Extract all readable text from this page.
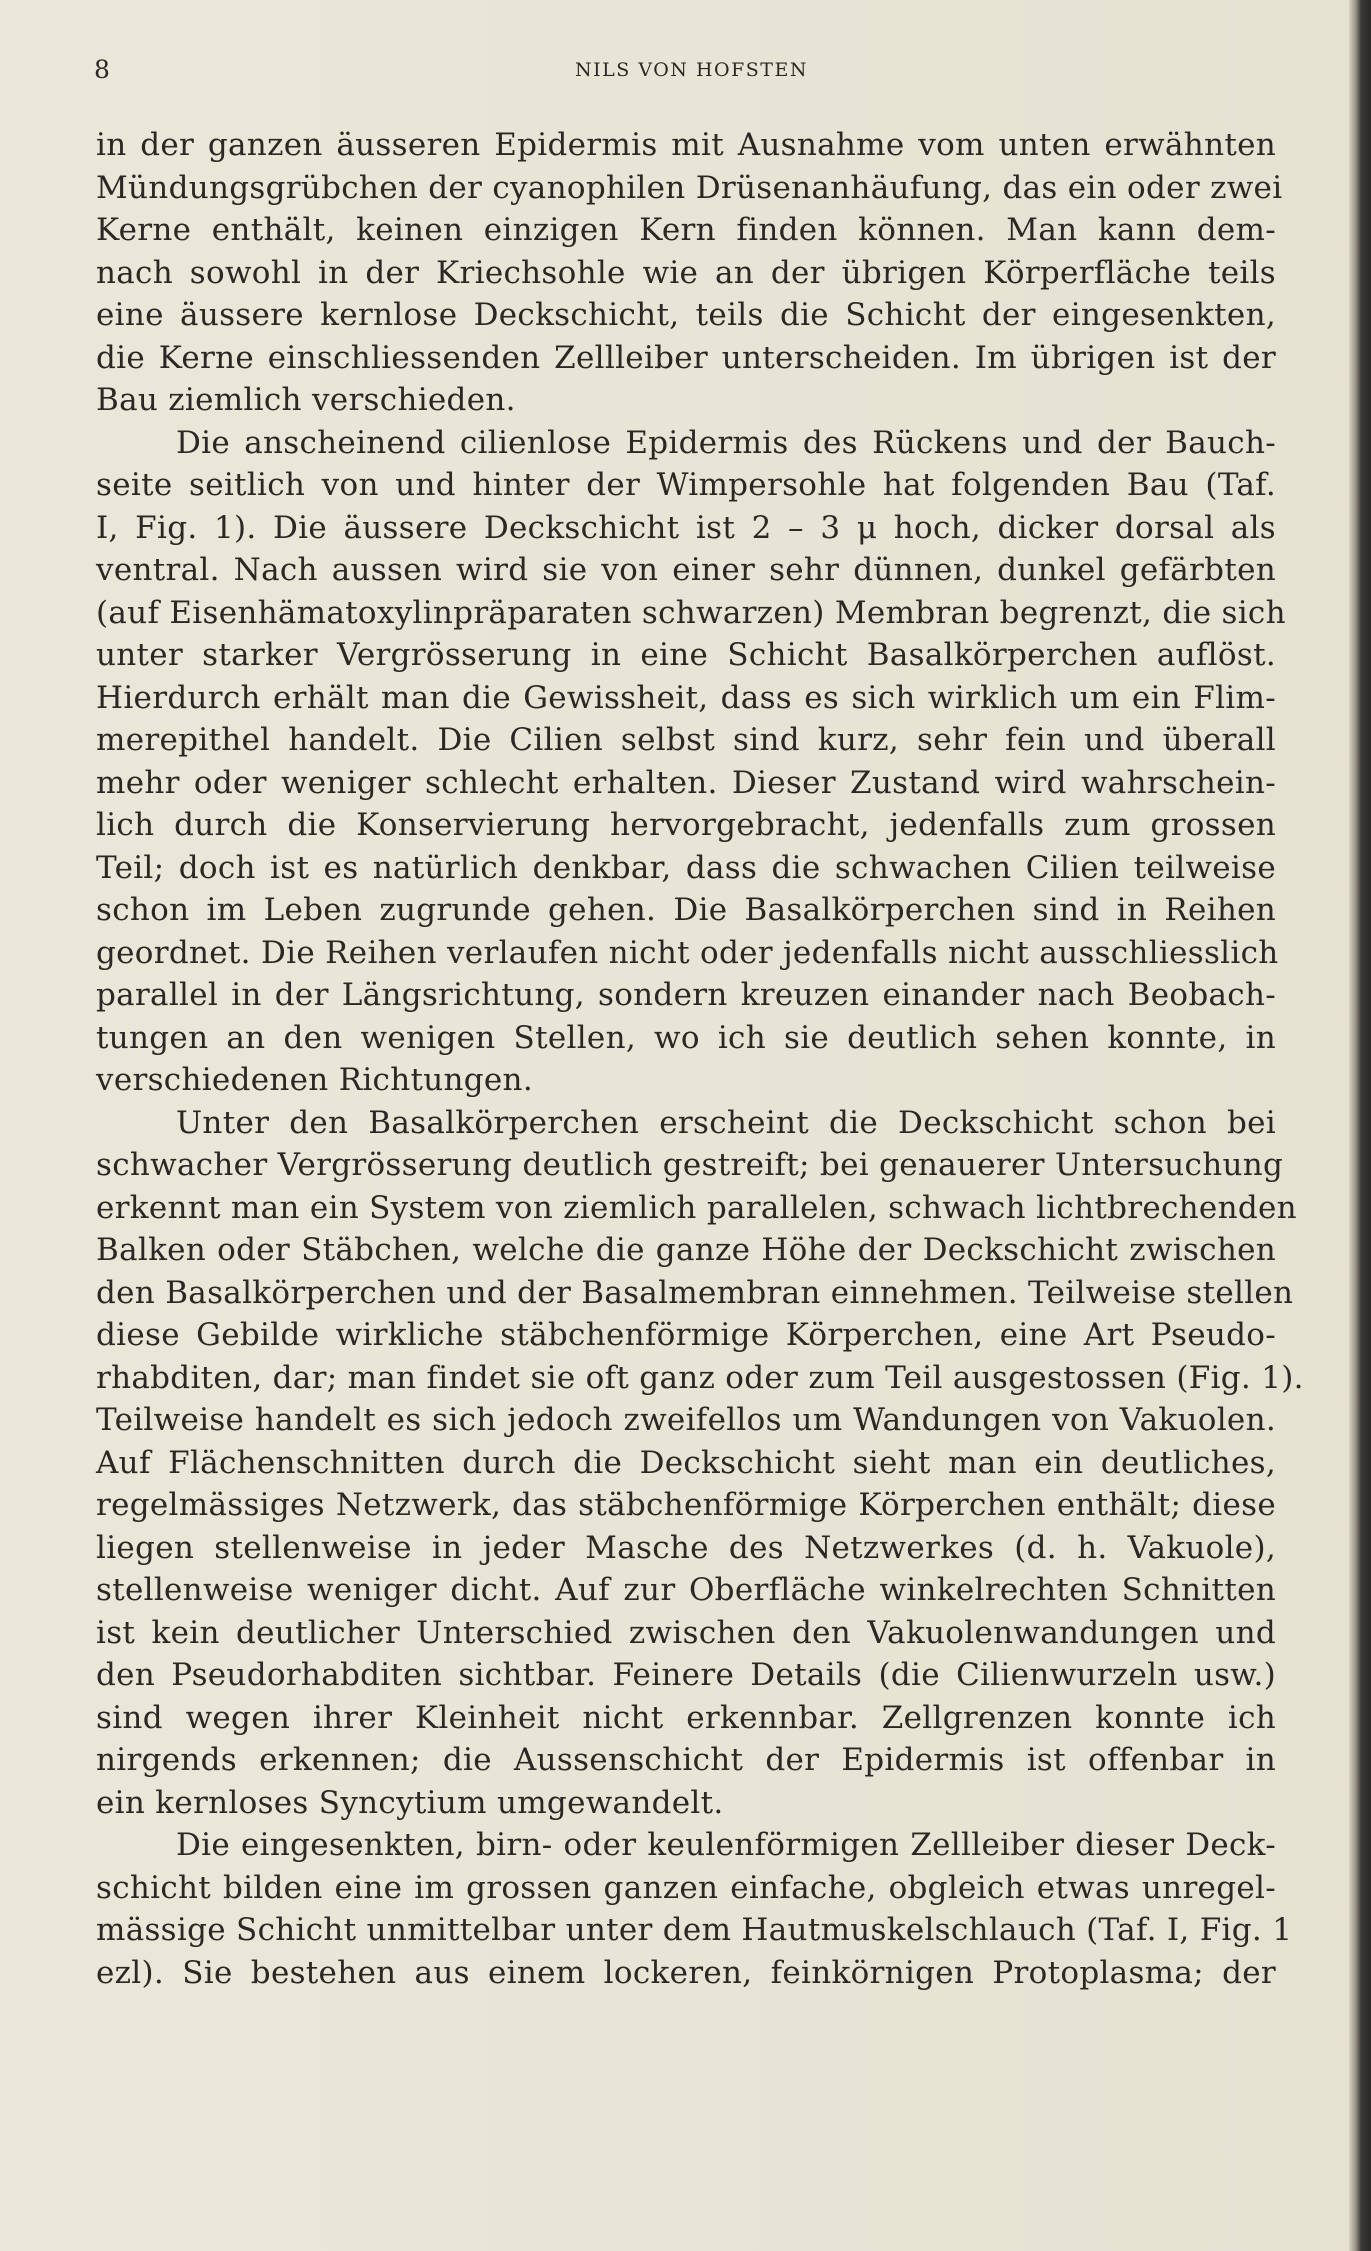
8	NILS VON HOFSTEN
in der ganzen äusseren Epidermis mit Ausnahme vom unten erwähnten
Mündungsgrübchen der cyanophilen Drüsenanhäufung, das ein oder zwei
Kerne enthält, keinen einzigen Kern finden können. Man kann dem-
nach sowohl in der Kriechsohle wie an der übrigen Körperfläche teils
eine äussere kernlose Deckschicht, teils die Schicht der eingesenkten,
die Kerne einschliessenden Zellleiber unterscheiden. Im übrigen ist der
Bau ziemlich verschieden.
Die anscheinend cilienlose Epidermis des Rückens und der Bauch-
seite seitlich von und hinter der Wimpersohle hat folgenden Bau (Taf.
I, Fig. 1). Die äussere Deckschicht ist 2 – 3 μ hoch, dicker dorsal als
ventral. Nach aussen wird sie von einer sehr dünnen, dunkel gefärbten
(auf Eisenhämatoxylinpräparaten schwarzen) Membran begrenzt, die sich
unter starker Vergrösserung in eine Schicht Basalkörperchen auflöst.
Hierdurch erhält man die Gewissheit, dass es sich wirklich um ein Flim-
merepithel handelt. Die Cilien selbst sind kurz, sehr fein und überall
mehr oder weniger schlecht erhalten. Dieser Zustand wird wahrschein-
lich durch die Konservierung hervorgebracht, jedenfalls zum grossen
Teil; doch ist es natürlich denkbar, dass die schwachen Cilien teilweise
schon im Leben zugrunde gehen. Die Basalkörperchen sind in Reihen
geordnet. Die Reihen verlaufen nicht oder jedenfalls nicht ausschliesslich
parallel in der Längsrichtung, sondern kreuzen einander nach Beobach-
tungen an den wenigen Stellen, wo ich sie deutlich sehen konnte, in
verschiedenen Richtungen.
Unter den Basalkörperchen erscheint die Deckschicht schon bei
schwacher Vergrösserung deutlich gestreift; bei genauerer Untersuchung
erkennt man ein System von ziemlich parallelen, schwach lichtbrechenden
Balken oder Stäbchen, welche die ganze Höhe der Deckschicht zwischen
den Basalkörperchen und der Basalmembran einnehmen. Teilweise stellen
diese Gebilde wirkliche stäbchenförmige Körperchen, eine Art Pseudo-
rhabditen, dar; man findet sie oft ganz oder zum Teil ausgestossen (Fig. 1).
Teilweise handelt es sich jedoch zweifellos um Wandungen von Vakuolen.
Auf Flächenschnitten durch die Deckschicht sieht man ein deutliches,
regelmässiges Netzwerk, das stäbchenförmige Körperchen enthält; diese
liegen stellenweise in jeder Masche des Netzwerkes (d. h. Vakuole),
stellenweise weniger dicht. Auf zur Oberfläche winkelrechten Schnitten
ist kein deutlicher Unterschied zwischen den Vakuolenwandungen und
den Pseudorhabditen sichtbar. Feinere Details (die Cilienwurzeln usw.)
sind wegen ihrer Kleinheit nicht erkennbar. Zellgrenzen konnte ich
nirgends erkennen; die Aussenschicht der Epidermis ist offenbar in
ein kernloses Syncytium umgewandelt.
Die eingesenkten, birn- oder keulenförmigen Zellleiber dieser Deck-
schicht bilden eine im grossen ganzen einfache, obgleich etwas unregel-
mässige Schicht unmittelbar unter dem Hautmuskelschlauch (Taf. I, Fig. 1
ezl). Sie bestehen aus einem lockeren, feinkörnigen Protoplasma; der
